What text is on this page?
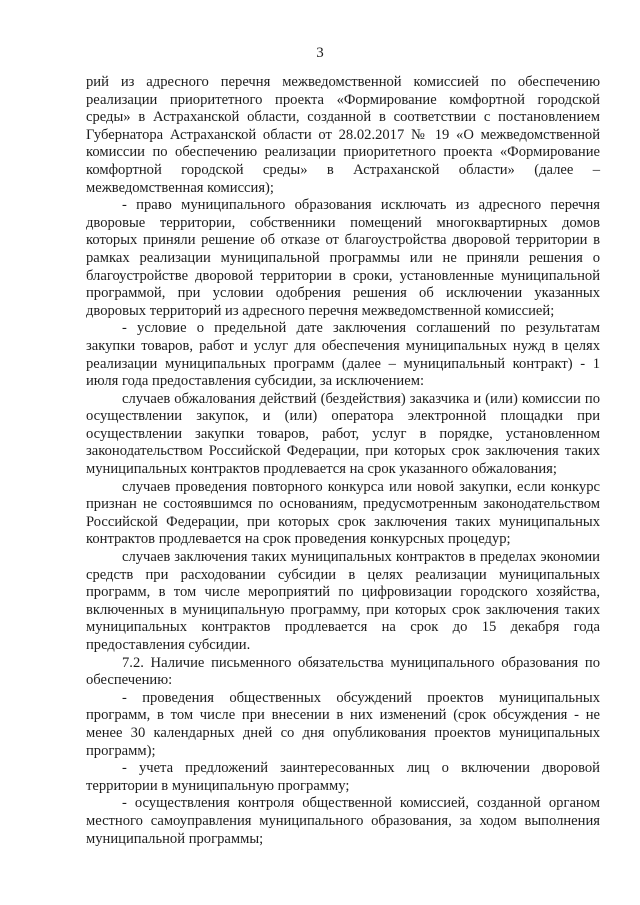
3

рий из адресного перечня межведомственной комиссией по обеспечению реализации приоритетного проекта «Формирование комфортной городской среды» в Астраханской области, созданной в соответствии с постановлением Губернатора Астраханской области от 28.02.2017 № 19 «О межведомственной комиссии по обеспечению реализации приоритетного проекта «Формирование комфортной городской среды» в Астраханской области» (далее – межведомственная комиссия);

- право муниципального образования исключать из адресного перечня дворовые территории, собственники помещений многоквартирных домов которых приняли решение об отказе от благоустройства дворовой территории в рамках реализации муниципальной программы или не приняли решения о благоустройстве дворовой территории в сроки, установленные муниципальной программой, при условии одобрения решения об исключении указанных дворовых территорий из адресного перечня межведомственной комиссией;

- условие о предельной дате заключения соглашений по результатам закупки товаров, работ и услуг для обеспечения муниципальных нужд в целях реализации муниципальных программ (далее – муниципальный контракт) - 1 июля года предоставления субсидии, за исключением:

случаев обжалования действий (бездействия) заказчика и (или) комиссии по осуществлении закупок, и (или) оператора электронной площадки при осуществлении закупки товаров, работ, услуг в порядке, установленном законодательством Российской Федерации, при которых срок заключения таких муниципальных контрактов продлевается на срок указанного обжалования;

случаев проведения повторного конкурса или новой закупки, если конкурс признан не состоявшимся по основаниям, предусмотренным законодательством Российской Федерации, при которых срок заключения таких муниципальных контрактов продлевается на срок проведения конкурсных процедур;

случаев заключения таких муниципальных контрактов в пределах экономии средств при расходовании субсидии в целях реализации муниципальных программ, в том числе мероприятий по цифровизации городского хозяйства, включенных в муниципальную программу, при которых срок заключения таких муниципальных контрактов продлевается на срок до 15 декабря года предоставления субсидии.

7.2. Наличие письменного обязательства муниципального образования по обеспечению:

- проведения общественных обсуждений проектов муниципальных программ, в том числе при внесении в них изменений (срок обсуждения - не менее 30 календарных дней со дня опубликования проектов муниципальных программ);

- учета предложений заинтересованных лиц о включении дворовой территории в муниципальную программу;

- осуществления контроля общественной комиссией, созданной органом местного самоуправления муниципального образования, за ходом выполнения муниципальной программы;
